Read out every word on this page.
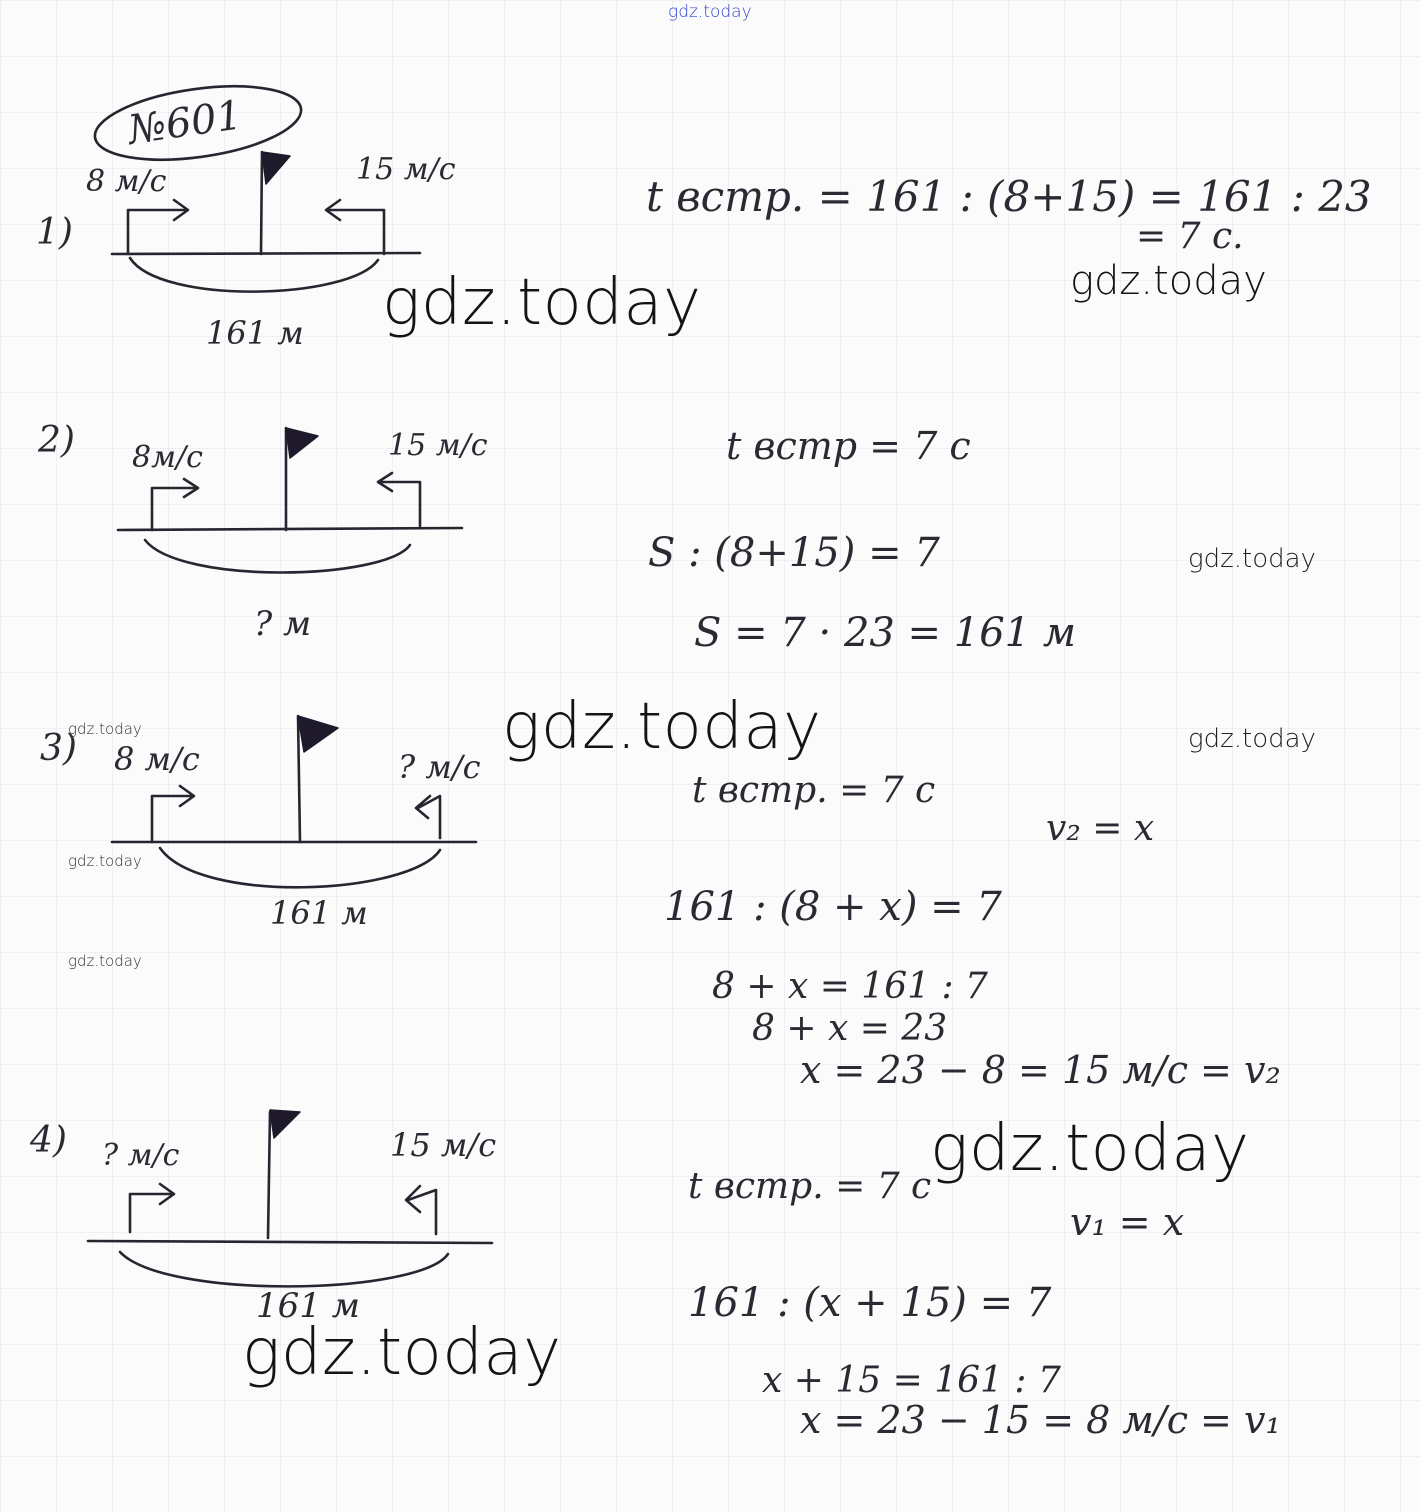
№601
1)
8 м/с	15 м/с
161 м
t встр. = 161 : (8+15) = 161 : 23
= 7 с.
2) 8м/с	15 м/с
? м
t встр = 7 с
S : (8+15) = 7
S = 7 · 23 = 161 м
3) 8 м/с	? м/с
161 м
t встр. = 7 с
v₂ = x
161 : (8 + x) = 7
8 + x = 161 : 7
8 + x = 23
x = 23 − 8 = 15 м/с = v₂
4) ? м/с	15 м/с
161 м
t встр. = 7 с
v₁ = x
161 : (x + 15) = 7
x + 15 = 161 : 7
x = 23 − 15 = 8 м/с = v₁
gdz.today
gdz.today	gdz.today
gdz.today
gdz.today	gdz.today
gdz.today
gdz.today
gdz.today
gdz.today
gdz.today
